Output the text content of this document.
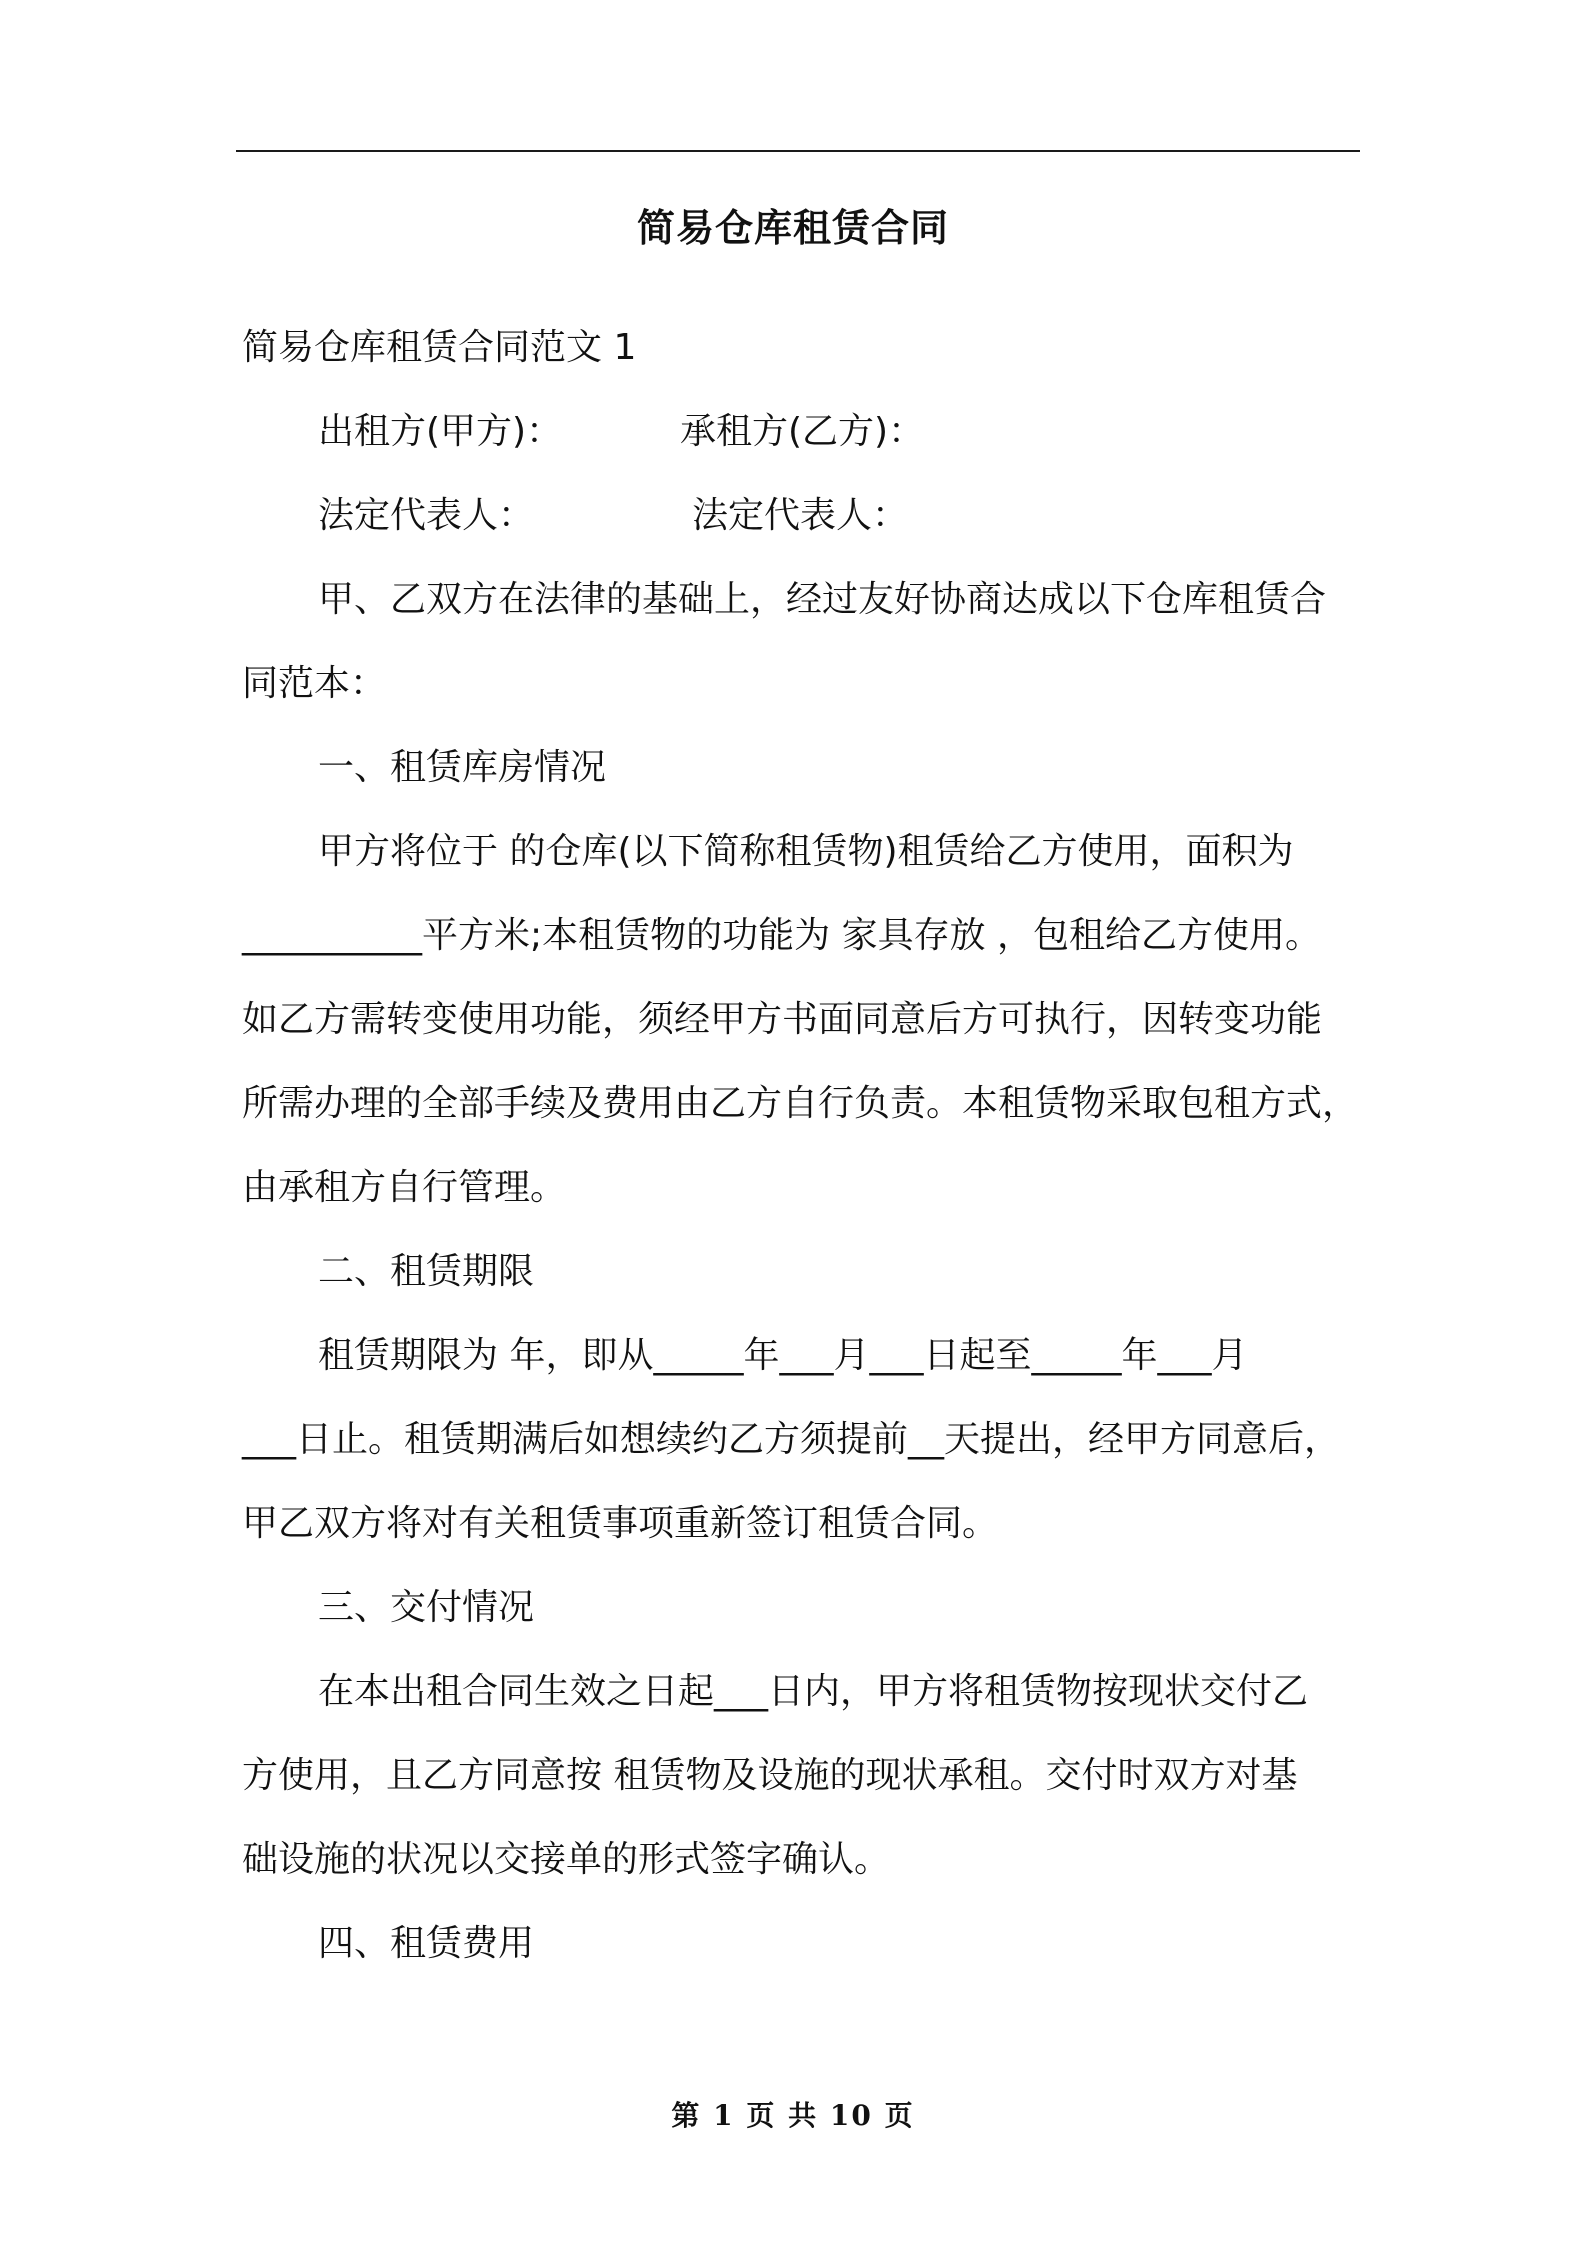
简易仓库租赁合同
简易仓库租赁合同范文 1
出租方(甲方)：	承租方(乙方)：
法定代表人：	法定代表人：
甲、乙双方在法律的基础上，经过友好协商达成以下仓库租赁合
同范本：
一、租赁库房情况
甲方将位于 的仓库(以下简称租赁物)租赁给乙方使用，面积为
__________平方米;本租赁物的功能为 家具存放 ，包租给乙方使用。
如乙方需转变使用功能，须经甲方书面同意后方可执行，因转变功能
所需办理的全部手续及费用由乙方自行负责。本租赁物采取包租方式，
由承租方自行管理。
二、租赁期限
租赁期限为 年，即从_____年___月___日起至_____年___月
___日止。租赁期满后如想续约乙方须提前__天提出，经甲方同意后，
甲乙双方将对有关租赁事项重新签订租赁合同。
三、交付情况
在本出租合同生效之日起___日内，甲方将租赁物按现状交付乙
方使用，且乙方同意按 租赁物及设施的现状承租。交付时双方对基
础设施的状况以交接单的形式签字确认。
四、租赁费用
第 1 页 共 10 页
